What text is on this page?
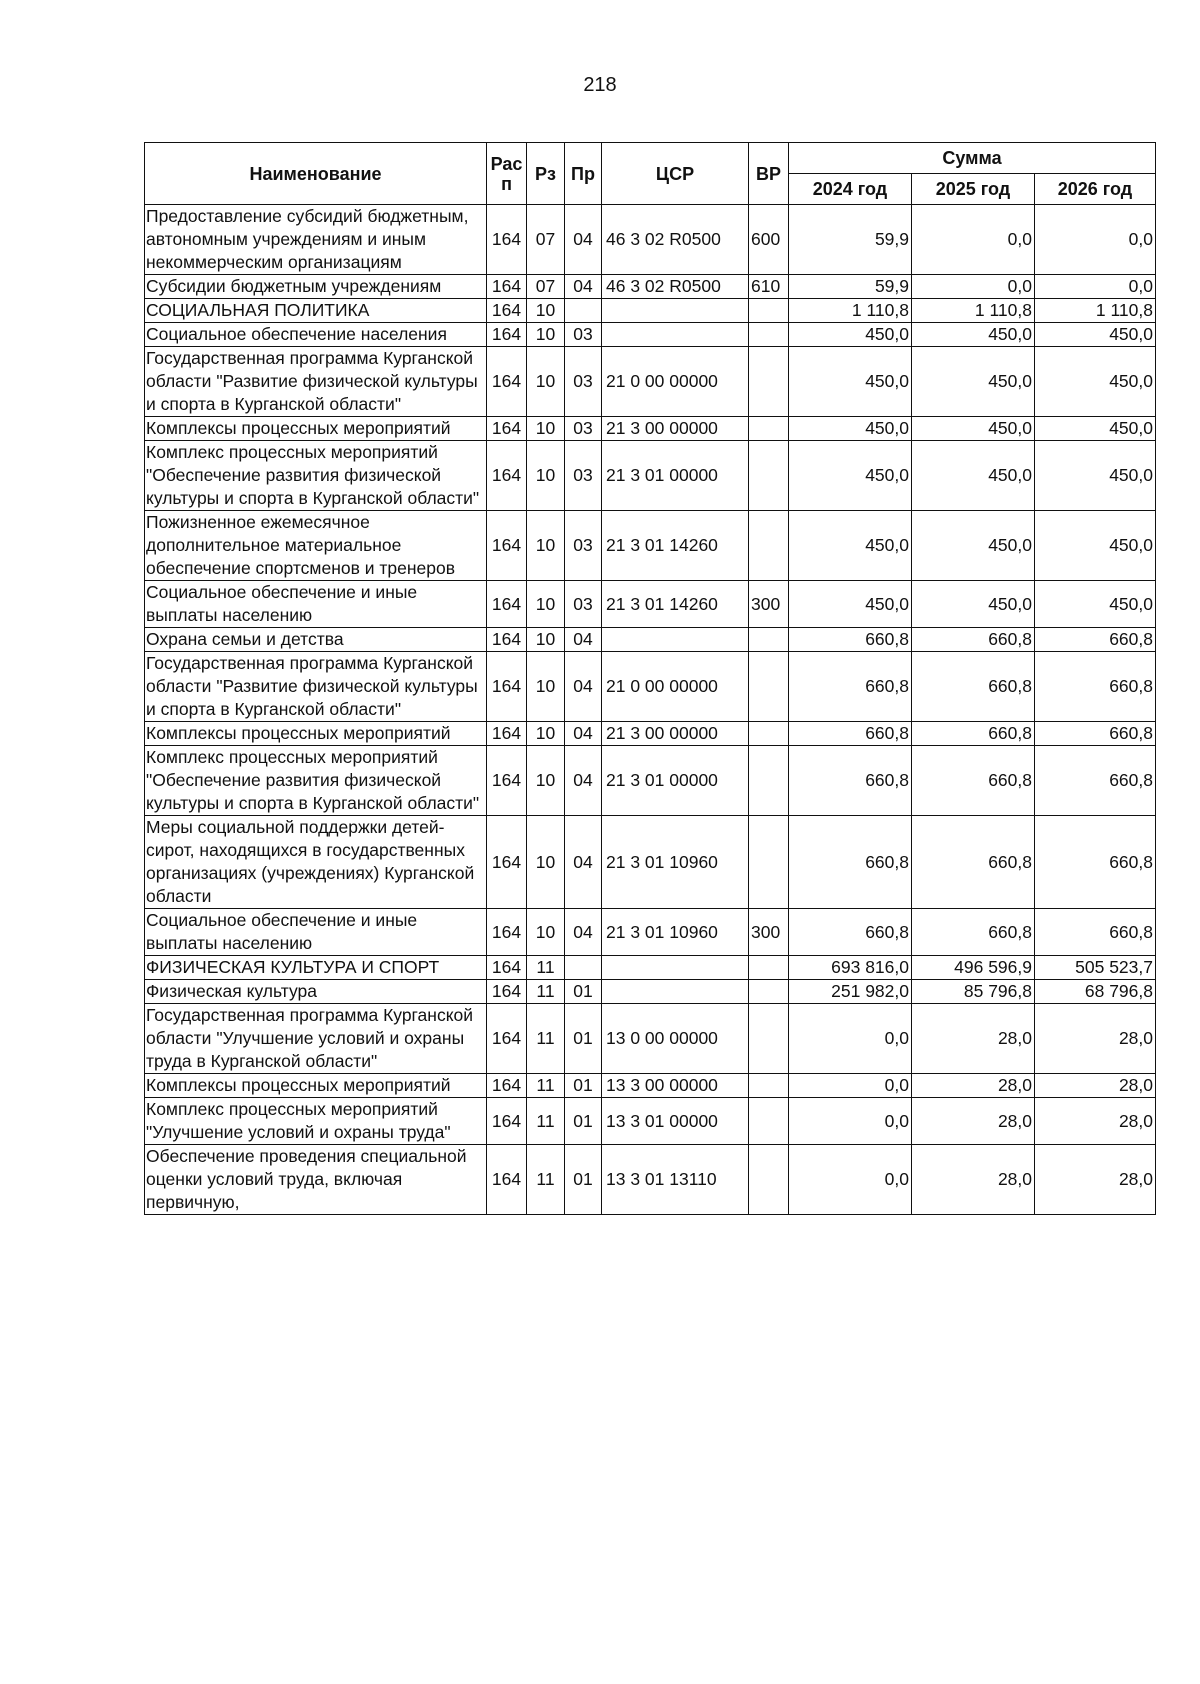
218
Наименование	Рас п	Рз	Пр	ЦСР	ВР	Сумма		
						2024 год	2025 год	2026 год
Предоставление субсидий бюджетным, автономным учреждениям и иным некоммерческим организациям	164	07	04	46 3 02 R0500	600	59,9	0,0	0,0
Субсидии бюджетным учреждениям	164	07	04	46 3 02 R0500	610	59,9	0,0	0,0
СОЦИАЛЬНАЯ ПОЛИТИКА	164	10				1 110,8	1 110,8	1 110,8
Социальное обеспечение населения	164	10	03			450,0	450,0	450,0
Государственная программа Курганской области "Развитие физической культуры и спорта в Курганской области"	164	10	03	21 0 00 00000		450,0	450,0	450,0
Комплексы процессных мероприятий	164	10	03	21 3 00 00000		450,0	450,0	450,0
Комплекс процессных мероприятий "Обеспечение развития физической культуры и спорта в Курганской области"	164	10	03	21 3 01 00000		450,0	450,0	450,0
Пожизненное ежемесячное дополнительное материальное обеспечение спортсменов и тренеров	164	10	03	21 3 01 14260		450,0	450,0	450,0
Социальное обеспечение и иные выплаты населению	164	10	03	21 3 01 14260	300	450,0	450,0	450,0
Охрана семьи и детства	164	10	04			660,8	660,8	660,8
Государственная программа Курганской области "Развитие физической культуры и спорта в Курганской области"	164	10	04	21 0 00 00000		660,8	660,8	660,8
Комплексы процессных мероприятий	164	10	04	21 3 00 00000		660,8	660,8	660,8
Комплекс процессных мероприятий "Обеспечение развития физической культуры и спорта в Курганской области"	164	10	04	21 3 01 00000		660,8	660,8	660,8
Меры социальной поддержки детей-сирот, находящихся в государственных организациях (учреждениях) Курганской области	164	10	04	21 3 01 10960		660,8	660,8	660,8
Социальное обеспечение и иные выплаты населению	164	10	04	21 3 01 10960	300	660,8	660,8	660,8
ФИЗИЧЕСКАЯ КУЛЬТУРА И СПОРТ	164	11				693 816,0	496 596,9	505 523,7
Физическая культура	164	11	01			251 982,0	85 796,8	68 796,8
Государственная программа Курганской области "Улучшение условий и охраны труда в Курганской области"	164	11	01	13 0 00 00000		0,0	28,0	28,0
Комплексы процессных мероприятий	164	11	01	13 3 00 00000		0,0	28,0	28,0
Комплекс процессных мероприятий "Улучшение условий и охраны труда"	164	11	01	13 3 01 00000		0,0	28,0	28,0
Обеспечение проведения специальной оценки условий труда, включая первичную,	164	11	01	13 3 01 13110		0,0	28,0	28,0
